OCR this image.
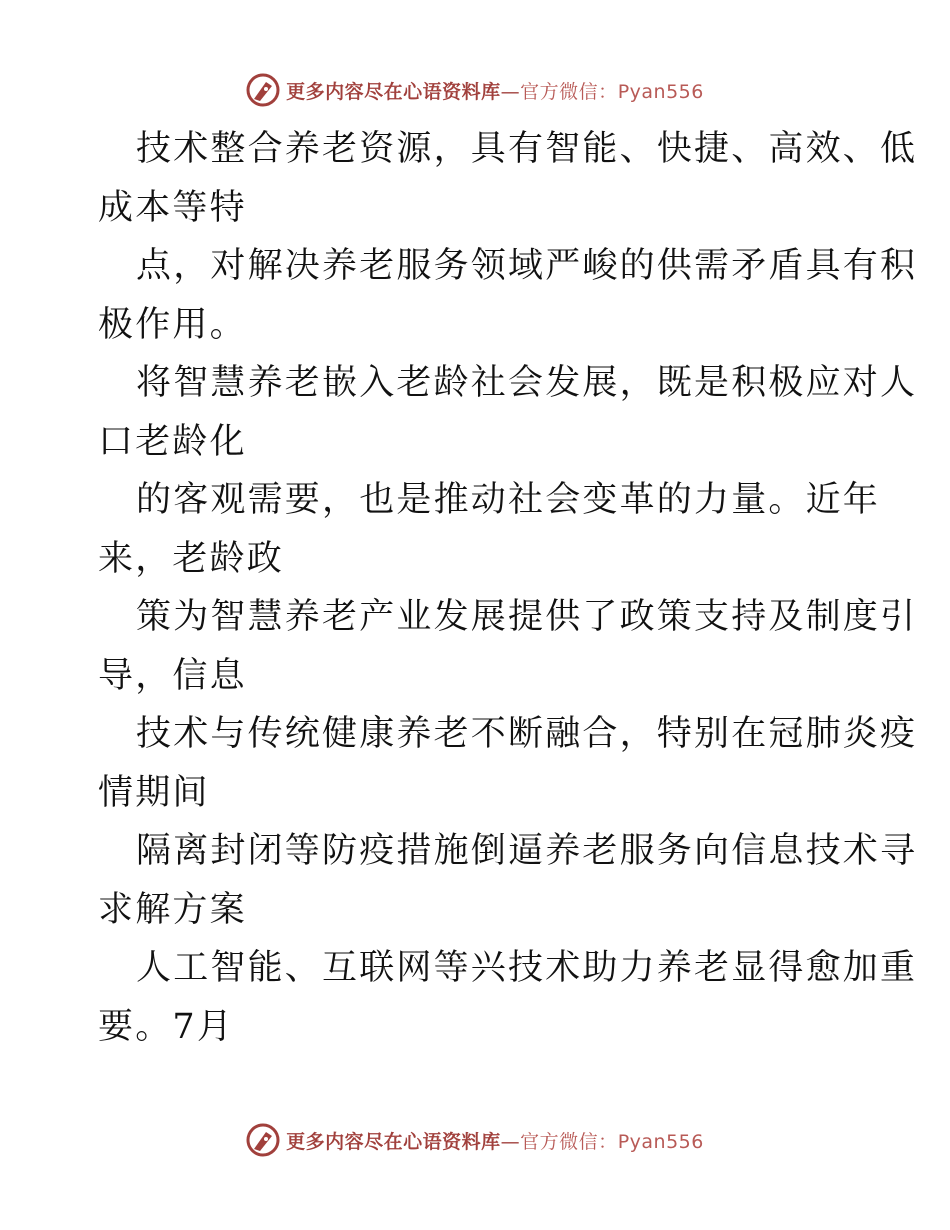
更多内容尽在心语资料库—官方微信：Pyan556
技术整合养老资源，具有智能、快捷、高效、低
成本等特
点，对解决养老服务领域严峻的供需矛盾具有积
极作用。
将智慧养老嵌入老龄社会发展，既是积极应对人
口老龄化
的客观需要，也是推动社会变革的力量。近年
来，老龄政
策为智慧养老产业发展提供了政策支持及制度引
导，信息
技术与传统健康养老不断融合，特别在冠肺炎疫
情期间
隔离封闭等防疫措施倒逼养老服务向信息技术寻
求解方案
人工智能、互联网等兴技术助力养老显得愈加重
要。7月
更多内容尽在心语资料库—官方微信：Pyan556
